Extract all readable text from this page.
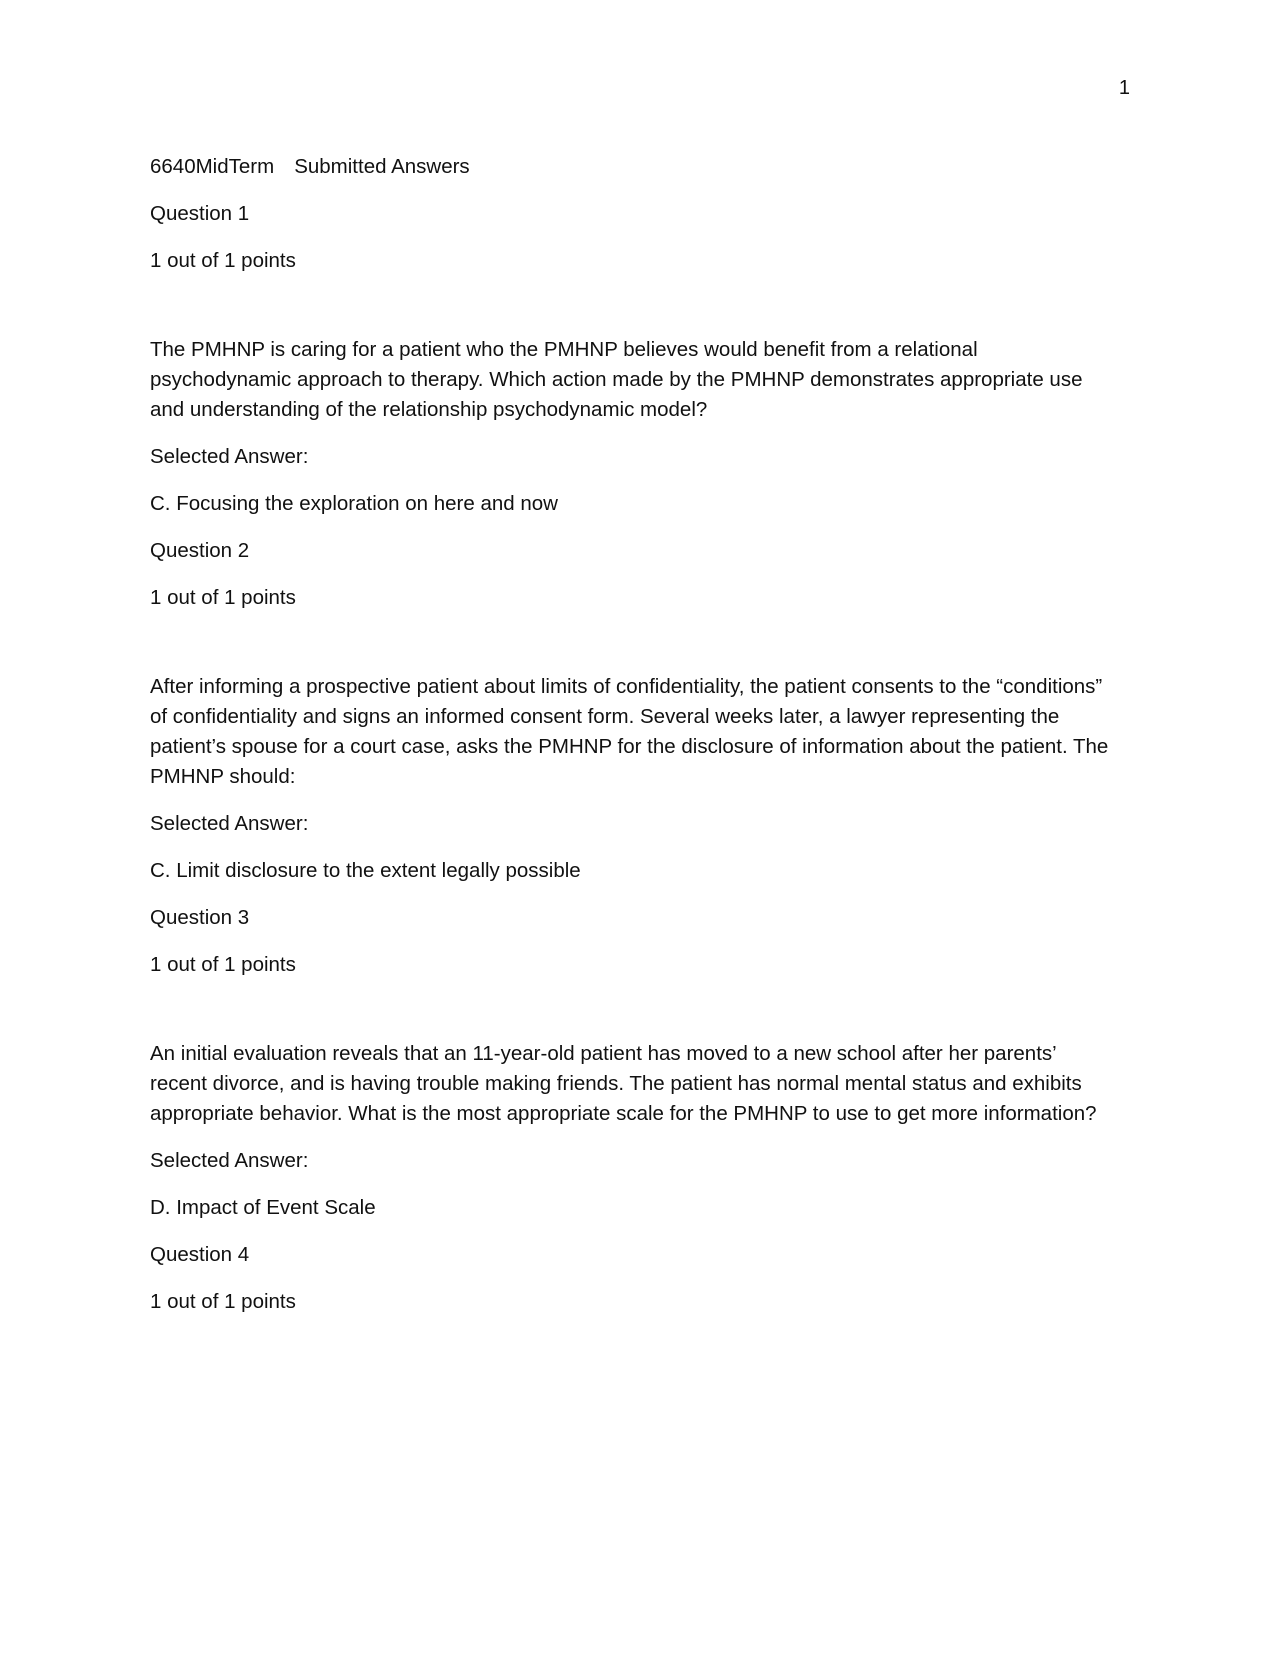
1

6640MidTerm Submitted Answers

Question 1

1 out of 1 points

The PMHNP is caring for a patient who the PMHNP believes would benefit from a relational psychodynamic approach to therapy. Which action made by the PMHNP demonstrates appropriate use and understanding of the relationship psychodynamic model?

Selected Answer:

C. Focusing the exploration on here and now

Question 2

1 out of 1 points

After informing a prospective patient about limits of confidentiality, the patient consents to the “conditions” of confidentiality and signs an informed consent form. Several weeks later, a lawyer representing the patient’s spouse for a court case, asks the PMHNP for the disclosure of information about the patient. The PMHNP should:

Selected Answer:

C. Limit disclosure to the extent legally possible

Question 3

1 out of 1 points

An initial evaluation reveals that an 11-year-old patient has moved to a new school after her parents’ recent divorce, and is having trouble making friends. The patient has normal mental status and exhibits appropriate behavior. What is the most appropriate scale for the PMHNP to use to get more information?

Selected Answer:

D. Impact of Event Scale

Question 4

1 out of 1 points
